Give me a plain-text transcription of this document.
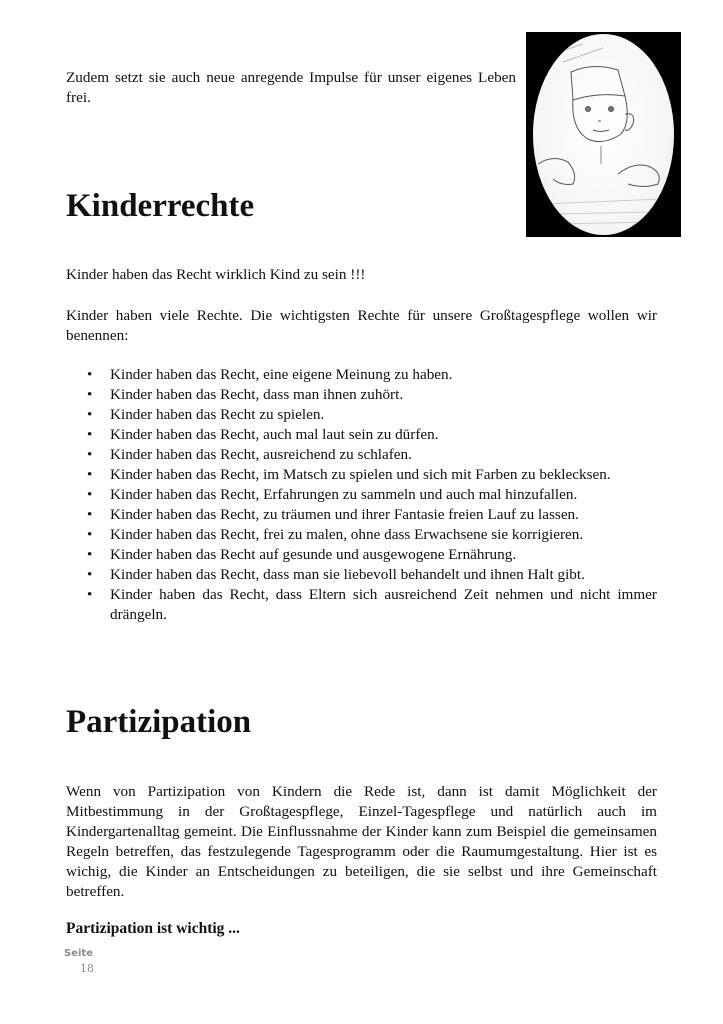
Zudem setzt sie auch neue anregende Impulse für unser eigenes Leben frei.
Kinderrechte
Kinder haben das Recht wirklich Kind zu sein !!!
Kinder haben viele Rechte. Die wichtigsten Rechte für unsere Großtagespflege wollen wir benennen:
• Kinder haben das Recht, eine eigene Meinung zu haben.
• Kinder haben das Recht, dass man ihnen zuhört.
• Kinder haben das Recht zu spielen.
• Kinder haben das Recht, auch mal laut sein zu dürfen.
• Kinder haben das Recht, ausreichend zu schlafen.
• Kinder haben das Recht, im Matsch zu spielen und sich mit Farben zu beklecksen.
• Kinder haben das Recht, Erfahrungen zu sammeln und auch mal hinzufallen.
• Kinder haben das Recht, zu träumen und ihrer Fantasie freien Lauf zu lassen.
• Kinder haben das Recht, frei zu malen, ohne dass Erwachsene sie korrigieren.
• Kinder haben das Recht auf gesunde und ausgewogene Ernährung.
• Kinder haben das Recht, dass man sie liebevoll behandelt und ihnen Halt gibt.
• Kinder haben das Recht, dass Eltern sich ausreichend Zeit nehmen und nicht immer drängeln.
Partizipation
Wenn von Partizipation von Kindern die Rede ist, dann ist damit Möglichkeit der Mitbestimmung in der Großtagespflege, Einzel-Tagespflege und natürlich auch im Kindergartenalltag gemeint. Die Einflussnahme der Kinder kann zum Beispiel die gemeinsamen Regeln betreffen, das festzulegende Tagesprogramm oder die Raumumgestaltung. Hier ist es wichig, die Kinder an Entscheidungen zu beteiligen, die sie selbst und ihre Gemeinschaft betreffen.
Partizipation ist wichtig ...
Seite
18
